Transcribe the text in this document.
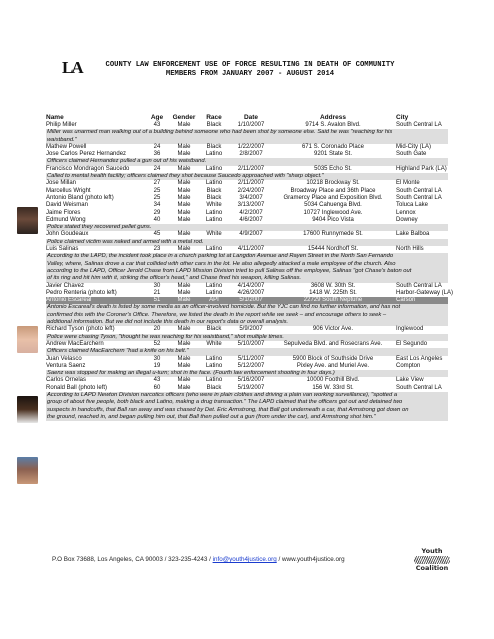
LA	COUNTY LAW ENFORCEMENT USE OF FORCE RESULTING IN DEATH OF COMMUNITY
MEMBERS FROM JANUARY 2007 - AUGUST 2014
Name	Age	Gender	Race	Date	Address	City
Philip Miller	43	Male	Black	1/10/2007	9714 S. Avalon Blvd.	South Central LA
Miller was unarmed man walking out of a building behind someone who had been shot by someone else. Said he was "reaching for his
waistband."
Mathew Powell	24	Male	Black	1/22/2007	671 S. Coronado Place	Mid-City (LA)
Jose Carlos Perez Hernandez	36	Male	Latino	2/8/2007	9201 State St.	South Gate
Officers claimed Hernandez pulled a gun out of his waistband.
Francisco Mondragon Saucedo	24	Male	Latino	2/11/2007	5035 Echo St.	Highland Park (LA)
Called to mental health facility; officers claimed they shot because Saucedo approached with "sharp object."
Jose Millan	27	Male	Latino	2/11/2007	10218 Brockway St.	El Monte
Marcellus Wright	25	Male	Black	2/24/2007	Broadway Place and 36th Place	South Central LA
Antonio Bland (photo left)	25	Male	Black	3/4/2007	Gramercy Place and Exposition Blvd.	South Central LA
David Weisman	34	Male	White	3/13/2007	5034 Cahuenga Blvd.	Toluca Lake
Jaime Flores	29	Male	Latino	4/2/2007	10727 Inglewood Ave.	Lennox
Edmund Wong	40	Male	Latino	4/6/2007	9404 Pico Vista	Downey
Police stated they recovered pellet guns.
John Goudeaux	45	Male	White	4/9/2007	17600 Runnymede St.	Lake Balboa
Police claimed victim was naked and armed with a metal rod.
Luis Salinas	23	Male	Latino	4/11/2007	15444 Nordhoff St.	North Hills
According to the LAPD, the incident took place in a church parking lot at Langdon Avenue and Rayen Street in the North San Fernando
Valley, where, Salinas drove a car that collided with other cars in the lot. He also allegedly attacked a male employee of the church. Also
according to the LAPD, Officer Jerold Chase from LAPD Mission Division tried to pull Salinas off the employee, Salinas "got Chase's baton out
of its ring and hit him with it, striking the officer's head," and Chase fired his weapon, killing Salinas.
Javier Chavez	30	Male	Latino	4/14/2007	3608 W. 30th St.	South Central LA
Pedro Renteria (photo left)	21	Male	Latino	4/26/2007	1418 W. 225th St.	Harbor-Gateway (LA)
Antonio Escareal	51	Male	API	5/1/2007	22729 South Neptune	Carson
Antonio Escareal's death is listed by some media as an officer-involved homicide. But the YJC can find no further information, and has not
confirmed this with the Coroner's Office. Therefore, we listed the death in the report while we seek – and encourage others to seek –
additional information. But we did not include this death in our report's data or overall analysis.
Richard Tyson (photo left)	20	Male	Black	5/9/2007	906 Victor Ave.	Inglewood
Police were chasing Tyson, "thought he was reaching for his waistband," shot multiple times.
Andrew MacEarchern	52	Male	White	5/10/2007	Sepulveda Blvd. and Rosecrans Ave.	El Segundo
Officers claimed MacEarchern "had a knife on his belt."
Juan Velasco	30	Male	Latino	5/11/2007	5900 Block of Southside Drive	East Los Angeles
Ventura Saenz	19	Male	Latino	5/12/2007	Pixley Ave. and Muriel Ave.	Compton
Saenz was stopped for making an illegal u-turn; shot in the face. (Fourth law enforcement shooting in four days.)
Carlos Ornelas	43	Male	Latino	5/16/2007	10000 Foothill Blvd.	Lake View
Ronald Ball (photo left)	60	Male	Black	5/19/2007	156 W. 33rd St.	South Central LA
According to LAPD Newton Division narcotics officers (who were in plain clothes and driving a plain van working surveillance), "spotted a
group of about five people, both black and Latino, making a drug transaction." The LAPD claimed that the officers got out and detained two
suspects in handcuffs, that Ball ran away and was chased by Det. Eric Armstrong, that Ball got underneath a car, that Armstrong got down on
the ground, reached in, and began pulling him out, that Ball then pulled out a gun (from under the car), and Armstrong shot him."
P.O Box 73688, Los Angeles, CA 90003 / 323-235-4243 / info@youth4justice.org / www.youth4justice.org
Youth
Coalition
